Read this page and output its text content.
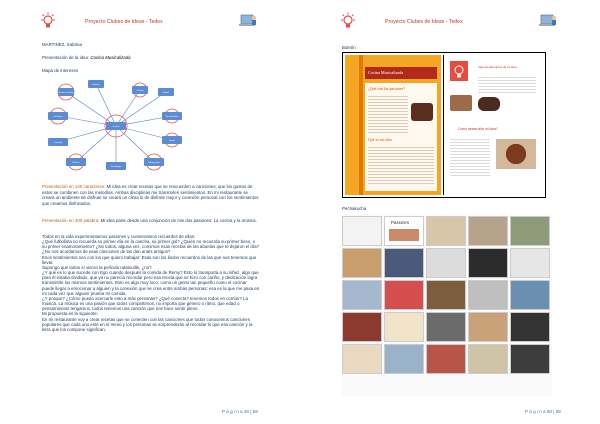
Proyecto Clubes de Ideas - Tedex
MARTINEZ, Sabrina
Presentación de la idea: Cocina Musicalizada
Mapa de intereses
Escuchar música
Sueños
Cocina
Cocinar
Fútbol
Películas	Ver televisión
Comida
Viajar
Música
Tecnología
Videojuegos
Presentación en 140 caracteres: Mi idea es crear recetas que se rescuerden a canciones, que los gustos de estos se combinen con las melodías. Ambas disciplinas me transmiten sentimientos. En mi restaurante se creara un ambiente de disfrute se creará un clima lo de disfrute mejor y conexión personal con los sentimientos que creamos disfrutados.
Presentación en 200 palabra: Mi idea parte desde una conjunción de mis dos pasiones: La cocina y la música.
Todos en la vida experimentamos pasiones y conservamos recuerdos de ellas:
¿Qué futbolista no recuerda su primer día en la cancha, su primer gol? ¿Quién no recuerda su primer beso, o su primer enamoramiento? ¿No todos, alguna vez, comimos esas recetas de las abuelas que te dejaron el día? ¿No nos acordamos de esas canciones de las dan antes amigos?
Esos sentimientos son con los que quiero trabajar: Esas son los lindos recuerdos de las que nos tenemos que llevar.
Supongo que todos sí vieron la película ratatouille, ¿no?
¿Y qué es lo que sucede con Ego cuando después la comida de Remy? Esto lo transporta a su niñez, algo que para él estaba olvidado, que ya no parecía recordar pero esa receta que se hizo con cariño, y dedicación logra transmitirle los mismos sentimientos. Esto es algo muy loco, como un gesto tan pequeño como el cocinar puede llegar a emocionar a alguien y la conexión que se crea entre ambas personas: esa es la que me pasa en mi cada vez que alguien prueba mi comida.
¿Y porque? ¿Cómo puedo acercarle esto a más personas? ¿Qué conecta? tenemos todos en común? La música. La música es una pasión que todos compartimos, no importa que género o ritmo, que edad o pensamientos tengamos, todos tenemos una canción que nos hace sentir pleno.
Mi propuesta es la siguiente:
En mi restaurante voy a crear recetas que se conecten con las canciones que todos conocemos canciones populares que cada uno esté en el menú y los personas se sorprenderán al recordar lo que esa canción y la letra que los compone significan.
P á g i n a 49 | 59
Proyecto Clubes de Ideas - Tedex
Boletín
Cocina Musicalizada
¿Qué son las pasiones?
Qué es mi idea
Algunas Ejemplos de mi idea
Como desarrollar mi idea?
Pechakucha
Pasiones
P á g i n a 50 | 59
